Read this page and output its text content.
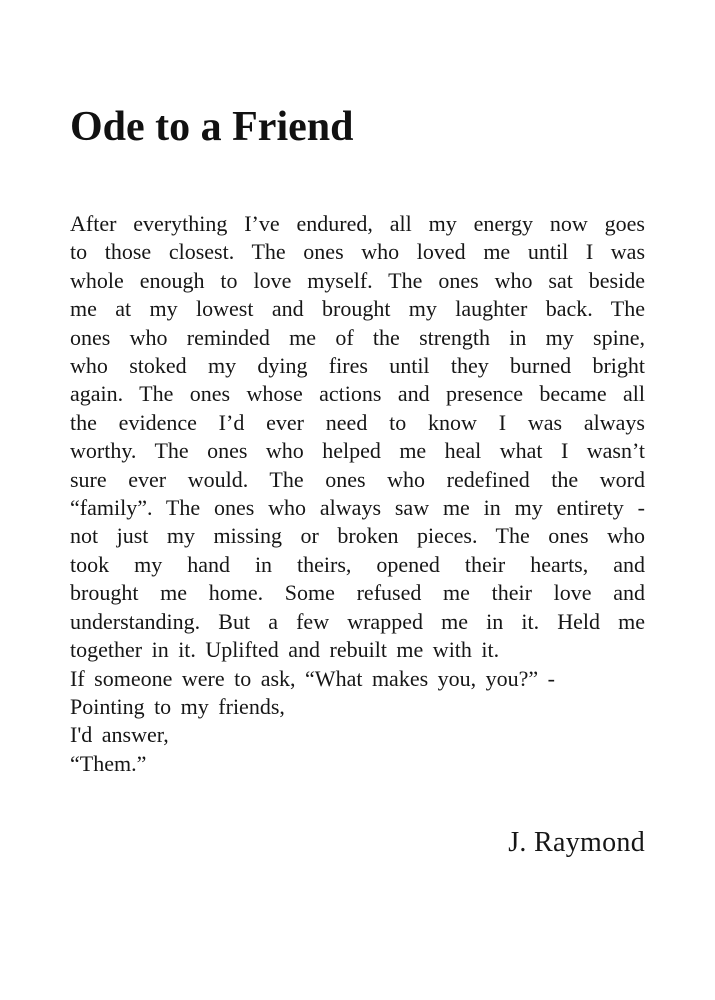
Ode to a Friend
After everything I’ve endured, all my energy now goes
to those closest. The ones who loved me until I was
whole enough to love myself. The ones who sat beside
me at my lowest and brought my laughter back. The
ones who reminded me of the strength in my spine,
who stoked my dying fires until they burned bright
again. The ones whose actions and presence became all
the evidence I’d ever need to know I was always
worthy. The ones who helped me heal what I wasn’t
sure ever would. The ones who redefined the word
“family”. The ones who always saw me in my entirety -
not just my missing or broken pieces. The ones who
took my hand in theirs, opened their hearts, and
brought me home. Some refused me their love and
understanding. But a few wrapped me in it. Held me
together in it. Uplifted and rebuilt me with it.
If someone were to ask, “What makes you, you?” -
Pointing to my friends,
I'd answer,
“Them.”
J. Raymond
